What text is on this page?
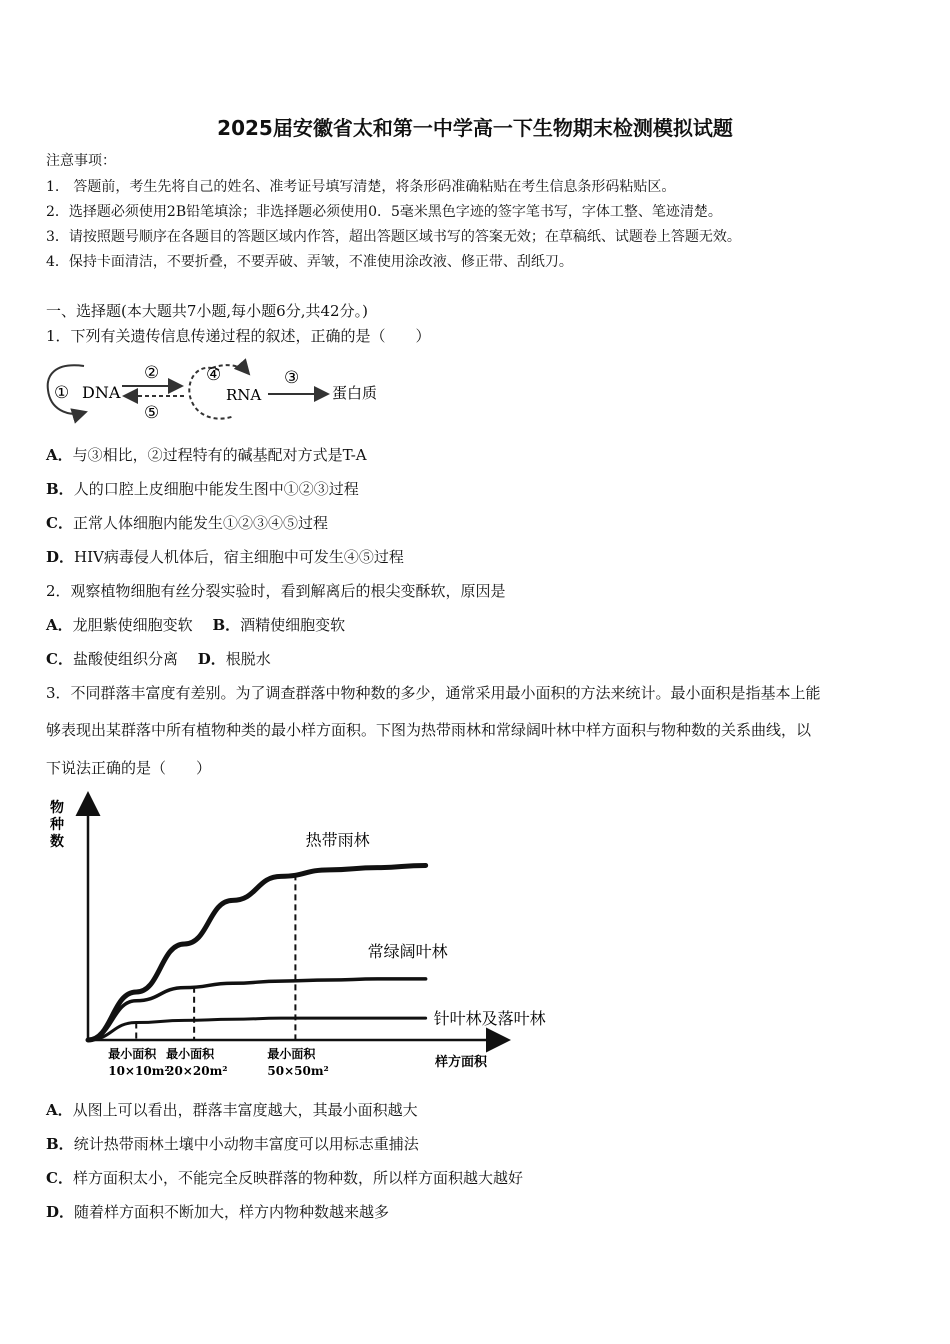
2025届安徽省太和第一中学高一下生物期末检测模拟试题
注意事项：
1.　答题前，考生先将自己的姓名、准考证号填写清楚，将条形码准确粘贴在考生信息条形码粘贴区。
2．选择题必须使用2B铅笔填涂；非选择题必须使用0．5毫米黑色字迹的签字笔书写，字体工整、笔迹清楚。
3．请按照题号顺序在各题目的答题区域内作答，超出答题区域书写的答案无效；在草稿纸、试题卷上答题无效。
4．保持卡面清洁，不要折叠，不要弄破、弄皱，不准使用涂改液、修正带、刮纸刀。
一、选择题(本大题共7小题,每小题6分,共42分。)
1．下列有关遗传信息传递过程的叙述，正确的是（　　）
① DNA
②
⑤
④
RNA
③
蛋白质
A．与③相比，②过程特有的碱基配对方式是T-A
B．人的口腔上皮细胞中能发生图中①②③过程
C．正常人体细胞内能发生①②③④⑤过程
D．HIV病毒侵人机体后，宿主细胞中可发生④⑤过程
2．观察植物细胞有丝分裂实验时，看到解离后的根尖变酥软，原因是
A．龙胆紫使细胞变软　 B．酒精使细胞变软
C．盐酸使组织分离　 D．根脱水
3．不同群落丰富度有差别。为了调查群落中物种数的多少，通常采用最小面积的方法来统计。最小面积是指基本上能
够表现出某群落中所有植物种类的最小样方面积。下图为热带雨林和常绿阔叶林中样方面积与物种数的关系曲线，以
下说法正确的是（　　）
物种数
样方面积
最小面积
10×10m²
最小面积
20×20m²
最小面积
50×50m²
热带雨林
常绿阔叶林
针叶林及落叶林
A．从图上可以看出，群落丰富度越大，其最小面积越大
B．统计热带雨林土壤中小动物丰富度可以用标志重捕法
C．样方面积太小，不能完全反映群落的物种数，所以样方面积越大越好
D．随着样方面积不断加大，样方内物种数越来越多
